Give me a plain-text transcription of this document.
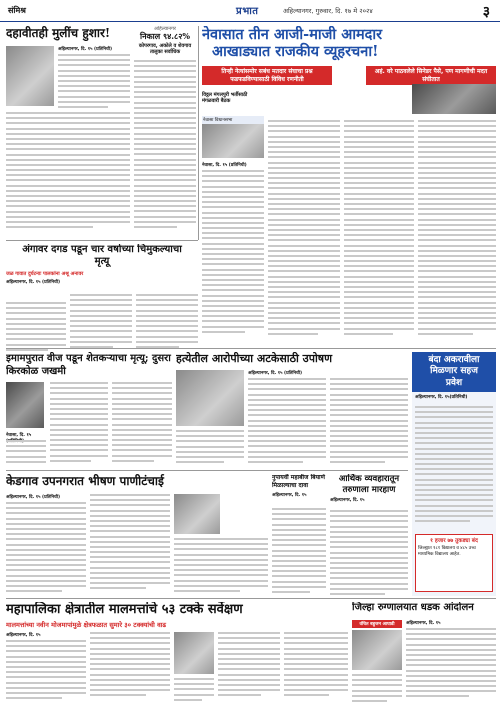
संमिश्र	प्रभात	अहिल्यानगर, गुरुवार, दि. १७ मे २०२४	३
दहावीतही मुलींच हुशार!
अहिल्यानगर, दि. १५ (प्रतिनिधी)
अहिल्यानगर
निकाल ९४.८२%
कोपरगाव, अकोले व शेवगाव तालुका सर्वाधिक
नेवासात तीन आजी-माजी आमदार
आखाड्यात राजकीय व्यूहरचना!
तिन्ही नेत्यांसमोर सबंध मतदार संघाचा प्रश्न फडफडविण्यासाठी विविध रणनीती
अहं. वरे पाठवलेले सिनेडर पैसेे, पण मागणीची मदत संघीतात
विट्ठल मंगलपुरी भर्तीसाठी मंगळवारी बैठक
नेवासा विधानसभा
नेवासा, दि. १५ (प्रतिनिधी)
अंगावर दगड पडून चार वर्षाच्या चिमुकल्याचा मृत्यू
जळ गावात दुर्घटनाः पालकांना अश्रू अनावर
अहिल्यानगर, दि. १५ (प्रतिनिधी)
इमामपुरात वीज पडून शेतकऱ्याचा मृत्यू; दुसरा किरकोळ जखमी
नेवासा, दि. १५
हत्येतील आरोपीच्या अटकेसाठी उपोषण
अहिल्यानगर, दि. १५ (प्रतिनिधी)
बंदा अकरावीला
मिळणार सहज
प्रवेश
अहिल्यानगर, दि. १५(प्रतिनिधी)
१ हजार ७७ तुकड्या बंद
जिल्ह्यात १८१ विद्यालय व ४८५ उच्च माध्यमिक विद्यालय आहेत.
केडगाव उपनगरात भीषण पाणीटंचाई
अहिल्यानगर, दि. १५ (प्रतिनिधी)
नुपायर्वी महाबीज बियाणे मिळाल्याचा दावा
अहिल्यानगर, दि. १५
आर्थिक व्यवहारातून तरुणाला मारहाण
अहिल्यानगर, दि. १५
महापालिका क्षेत्रातील मालमत्तांचे ५३ टक्के सर्वेक्षण
मालमत्तांच्या नवीन मोजमापांमुळे क्षेत्रफळात सुमारे ३० टक्क्यांची वाढ
अहिल्यानगर, दि. १५
जिल्हा रुग्णालयात धडक आंदोलन
वंचित बहुजन आघाडी	अहिल्यानगर, दि. १५
